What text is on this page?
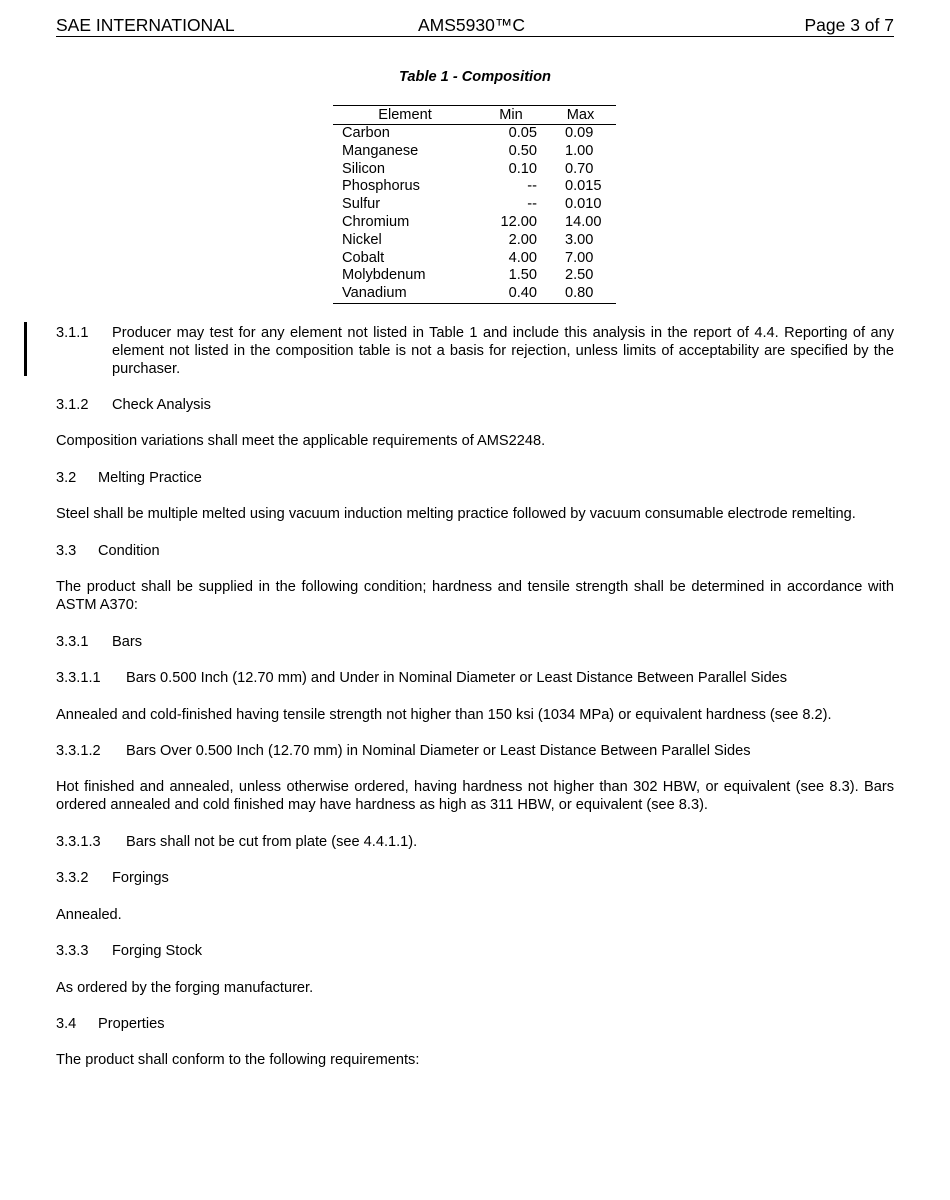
SAE INTERNATIONAL	AMS5930™C	Page 3 of 7
Table 1 - Composition
Element	Min	Max
Carbon	0.05	0.09
Manganese	0.50	1.00
Silicon	0.10	0.70
Phosphorus	--	0.015
Sulfur	--	0.010
Chromium	12.00	14.00
Nickel	2.00	3.00
Cobalt	4.00	7.00
Molybdenum	1.50	2.50
Vanadium	0.40	0.80
3.1.1	Producer may test for any element not listed in Table 1 and include this analysis in the report of 4.4. Reporting of any element not listed in the composition table is not a basis for rejection, unless limits of acceptability are specified by the purchaser.
3.1.2 Check Analysis
Composition variations shall meet the applicable requirements of AMS2248.
3.2 Melting Practice
Steel shall be multiple melted using vacuum induction melting practice followed by vacuum consumable electrode remelting.
3.3 Condition
The product shall be supplied in the following condition; hardness and tensile strength shall be determined in accordance with ASTM A370:
3.3.1 Bars
3.3.1.1 Bars 0.500 Inch (12.70 mm) and Under in Nominal Diameter or Least Distance Between Parallel Sides
Annealed and cold-finished having tensile strength not higher than 150 ksi (1034 MPa) or equivalent hardness (see 8.2).
3.3.1.2 Bars Over 0.500 Inch (12.70 mm) in Nominal Diameter or Least Distance Between Parallel Sides
Hot finished and annealed, unless otherwise ordered, having hardness not higher than 302 HBW, or equivalent (see 8.3). Bars ordered annealed and cold finished may have hardness as high as 311 HBW, or equivalent (see 8.3).
3.3.1.3 Bars shall not be cut from plate (see 4.4.1.1).
3.3.2 Forgings
Annealed.
3.3.3 Forging Stock
As ordered by the forging manufacturer.
3.4 Properties
The product shall conform to the following requirements:
